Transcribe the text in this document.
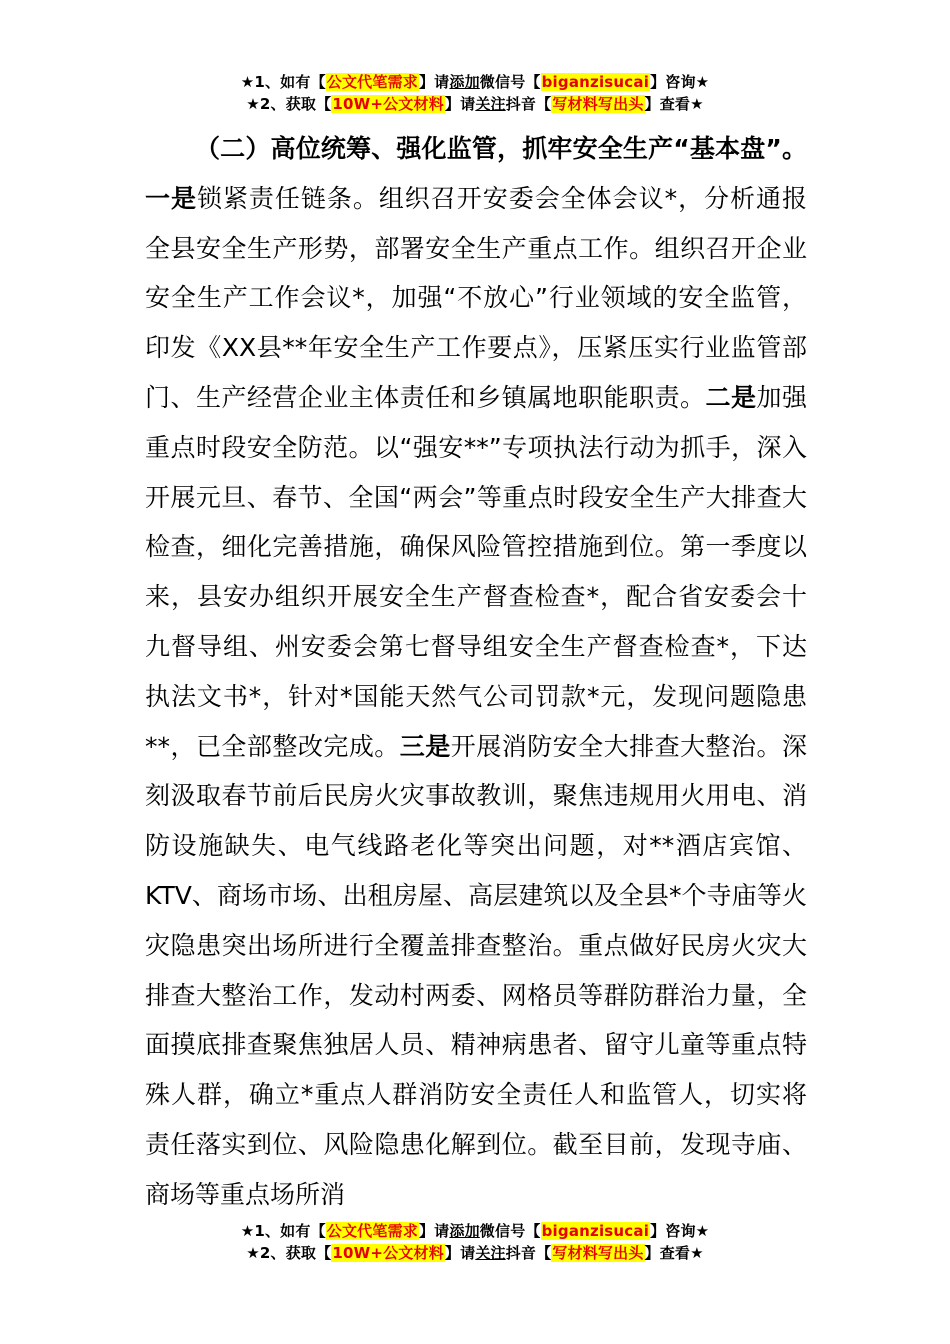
★1、如有【公文代笔需求】请添加微信号【biganzisucai】咨询★
★2、获取【10W+公文材料】请关注抖音【写材料写出头】查看★

（二）高位统筹、强化监管，抓牢安全生产“基本盘”。一是锁紧责任链条。组织召开安委会全体会议*，分析通报全县安全生产形势，部署安全生产重点工作。组织召开企业安全生产工作会议*，加强“不放心”行业领域的安全监管，印发《XX县**年安全生产工作要点》，压紧压实行业监管部门、生产经营企业主体责任和乡镇属地职能职责。二是加强重点时段安全防范。以“强安**”专项执法行动为抓手，深入开展元旦、春节、全国“两会”等重点时段安全生产大排查大检查，细化完善措施，确保风险管控措施到位。第一季度以来，县安办组织开展安全生产督查检查*，配合省安委会十九督导组、州安委会第七督导组安全生产督查检查*，下达执法文书*，针对*国能天然气公司罚款*元，发现问题隐患**，已全部整改完成。三是开展消防安全大排查大整治。深刻汲取春节前后民房火灾事故教训，聚焦违规用火用电、消防设施缺失、电气线路老化等突出问题，对**酒店宾馆、KTV、商场市场、出租房屋、高层建筑以及全县*个寺庙等火灾隐患突出场所进行全覆盖排查整治。重点做好民房火灾大排查大整治工作，发动村两委、网格员等群防群治力量，全面摸底排查聚焦独居人员、精神病患者、留守儿童等重点特殊人群，确立*重点人群消防安全责任人和监管人，切实将责任落实到位、风险隐患化解到位。截至目前，发现寺庙、商场等重点场所消

★1、如有【公文代笔需求】请添加微信号【biganzisucai】咨询★
★2、获取【10W+公文材料】请关注抖音【写材料写出头】查看★
